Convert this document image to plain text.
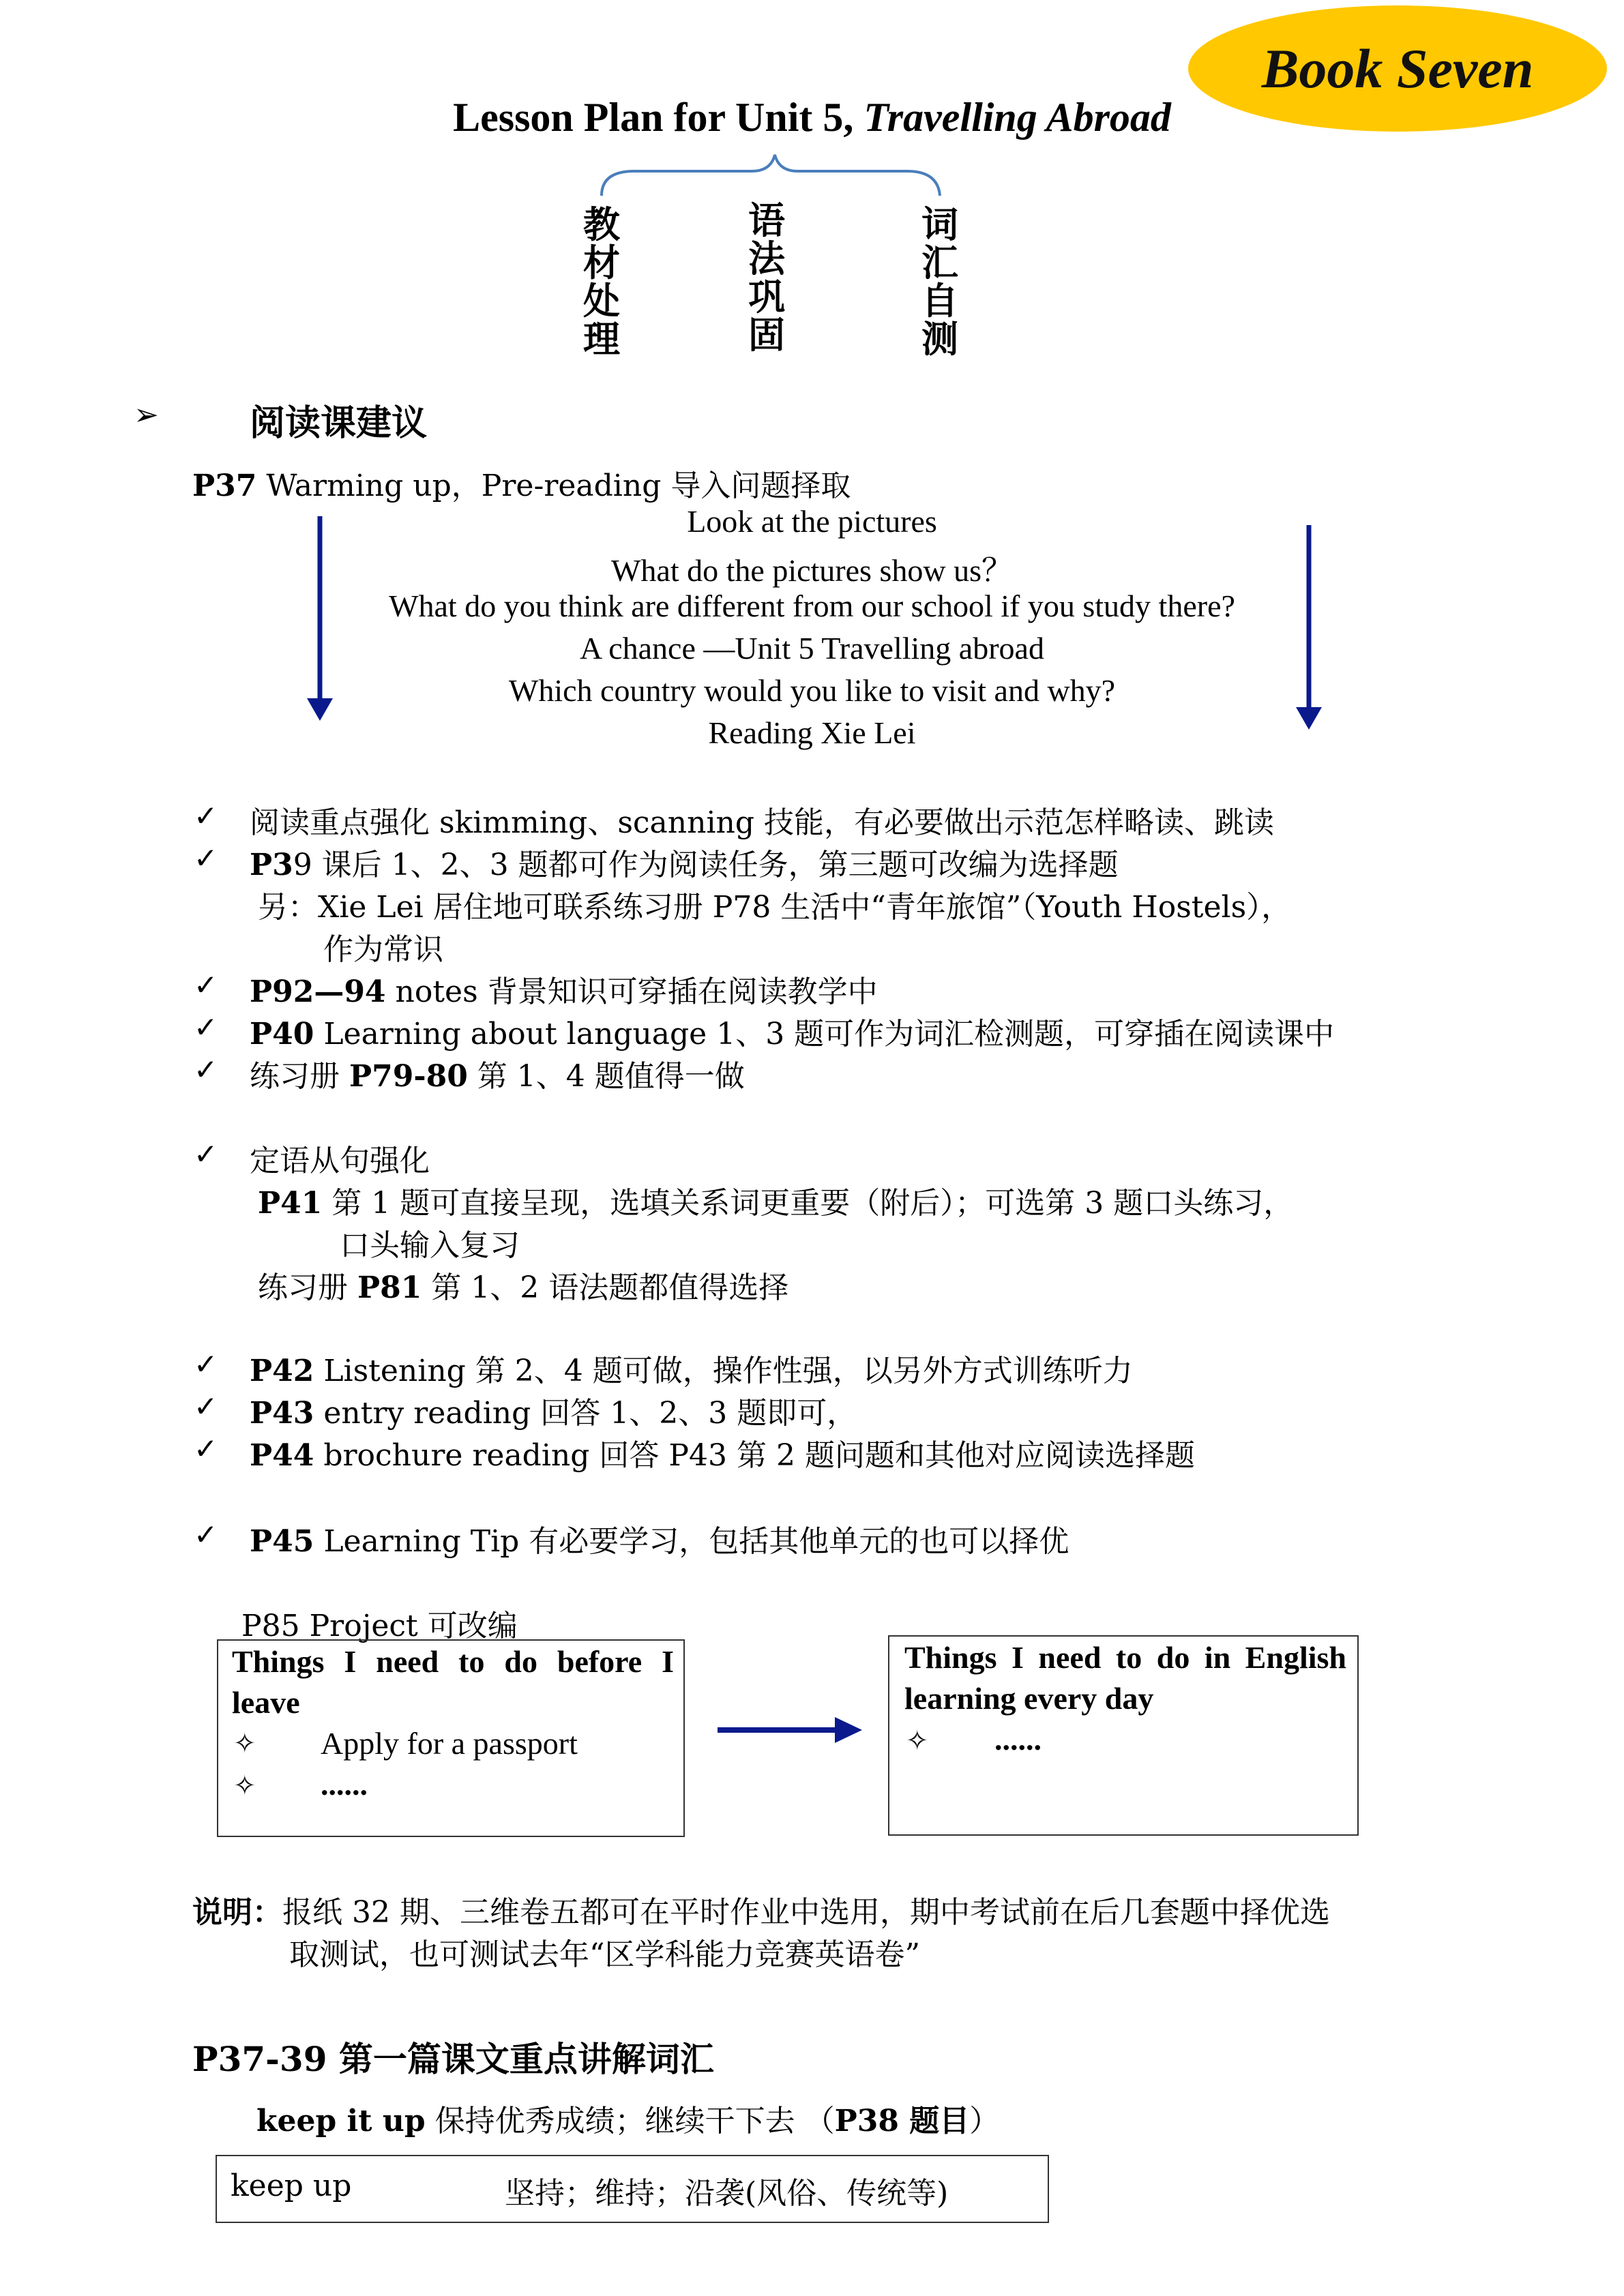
Book Seven
Lesson Plan for Unit 5, Travelling Abroad
教材处理
语法巩固
词汇自测
➢	阅读课建议
P37 Warming up，Pre-reading 导入问题择取
Look at the pictures
What do the pictures show us？
What do you think are different from our school if you study there?
A chance —Unit 5 Travelling abroad
Which country would you like to visit and why?
Reading Xie Lei
✓ 阅读重点强化 skimming、scanning 技能，有必要做出示范怎样略读、跳读
✓ P39 课后 1、2、3 题都可作为阅读任务，第三题可改编为选择题
另：Xie Lei 居住地可联系练习册 P78 生活中“青年旅馆”（Youth Hostels），
作为常识
✓ P92—94 notes 背景知识可穿插在阅读教学中
✓ P40 Learning about language 1、3 题可作为词汇检测题，可穿插在阅读课中
✓ 练习册 P79-80 第 1、4 题值得一做
✓ 定语从句强化
P41 第 1 题可直接呈现，选填关系词更重要（附后）；可选第 3 题口头练习，
口头输入复习
练习册 P81 第 1、2 语法题都值得选择
✓ P42 Listening 第 2、4 题可做，操作性强，以另外方式训练听力
✓ P43 entry reading 回答 1、2、3 题即可，
✓ P44 brochure reading 回答 P43 第 2 题问题和其他对应阅读选择题
✓ P45 Learning Tip 有必要学习，包括其他单元的也可以择优
P85 Project 可改编
Things I need to do before I
leave
✧ Apply for a passport
✧ ......
Things I need to do in English
learning every day
✧ ......
说明：报纸 32 期、三维卷五都可在平时作业中选用，期中考试前在后几套题中择优选
取测试，也可测试去年“区学科能力竞赛英语卷”
P37-39 第一篇课文重点讲解词汇
keep it up 保持优秀成绩；继续干下去 （P38 题目）
keep up	坚持；维持；沿袭(风俗、传统等)
